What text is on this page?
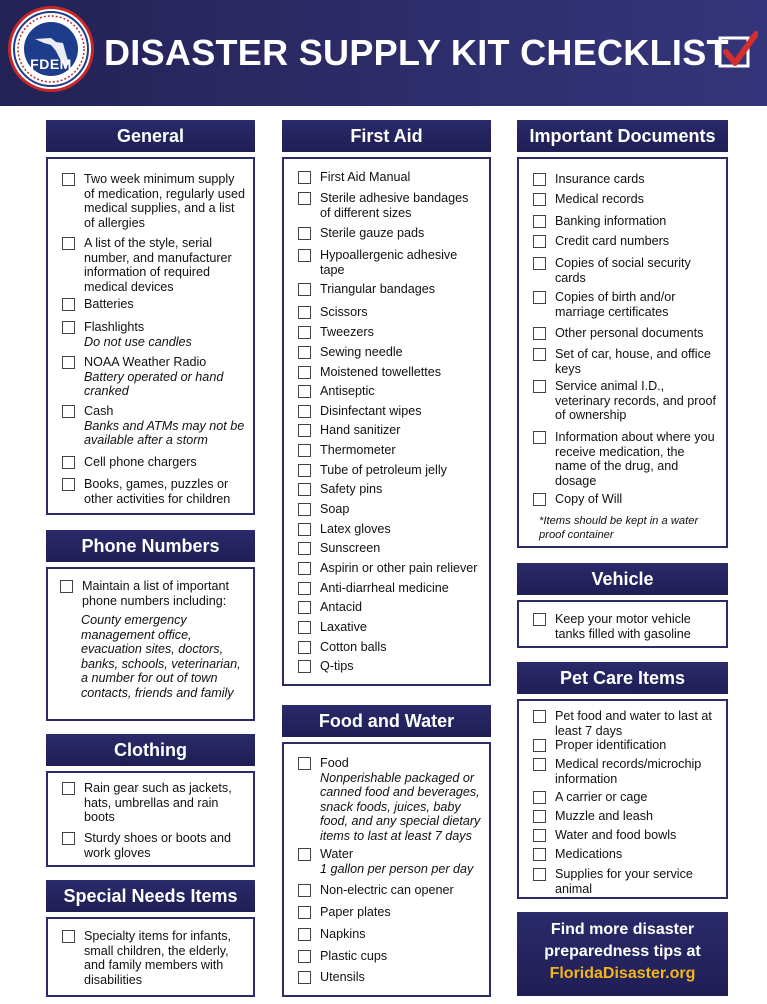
FDEM DISASTER SUPPLY KIT CHECKLIST
General
Two week minimum supply of medication, regularly used medical supplies, and a list of allergies
A list of the style, serial number, and manufacturer information of required medical devices
Batteries
Flashlights
Do not use candles
NOAA Weather Radio
Battery operated or hand cranked
Cash
Banks and ATMs may not be available after a storm
Cell phone chargers
Books, games, puzzles or other activities for children
Phone Numbers
Maintain a list of important phone numbers including:
County emergency management office, evacuation sites, doctors, banks, schools, veterinarian, a number for out of town contacts, friends and family
Clothing
Rain gear such as jackets, hats, umbrellas and rain boots
Sturdy shoes or boots and work gloves
Special Needs Items
Specialty items for infants, small children, the elderly, and family members with disabilities
First Aid
First Aid Manual
Sterile adhesive bandages of different sizes
Sterile gauze pads
Hypoallergenic adhesive tape
Triangular bandages
Scissors
Tweezers
Sewing needle
Moistened towellettes
Antiseptic
Disinfectant wipes
Hand sanitizer
Thermometer
Tube of petroleum jelly
Safety pins
Soap
Latex gloves
Sunscreen
Aspirin or other pain reliever
Anti-diarrheal medicine
Antacid
Laxative
Cotton balls
Q-tips
Food and Water
Food
Nonperishable packaged or canned food and beverages, snack foods, juices, baby food, and any special dietary items to last at least 7 days
Water
1 gallon per person per day
Non-electric can opener
Paper plates
Napkins
Plastic cups
Utensils
Important Documents
Insurance cards
Medical records
Banking information
Credit card numbers
Copies of social security cards
Copies of birth and/or marriage certificates
Other personal documents
Set of car, house, and office keys
Service animal I.D., veterinary records, and proof of ownership
Information about where you receive medication, the name of the drug, and dosage
Copy of Will
*Items should be kept in a water proof container
Vehicle
Keep your motor vehicle tanks filled with gasoline
Pet Care Items
Pet food and water to last at least 7 days
Proper identification
Medical records/microchip information
A carrier or cage
Muzzle and leash
Water and food bowls
Medications
Supplies for your service animal
Find more disaster
preparedness tips at
FloridaDisaster.org
